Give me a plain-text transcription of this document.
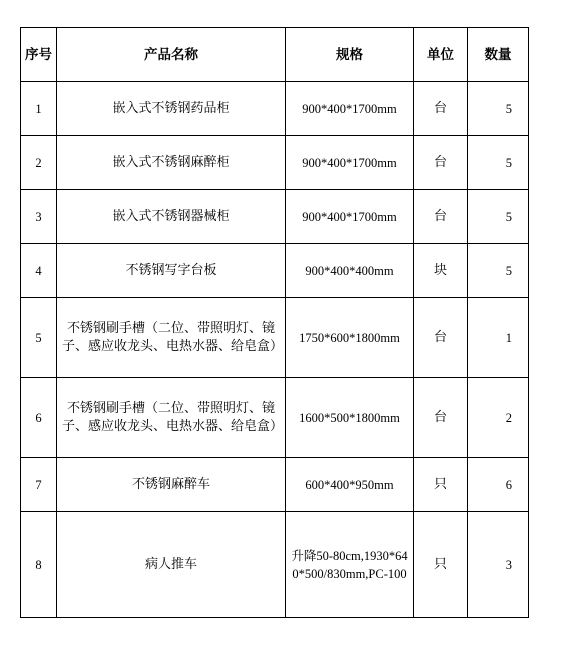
序号	产品名称	规格	单位	数量
1	嵌入式不锈钢药品柜	900*400*1700mm	台	5
2	嵌入式不锈钢麻醉柜	900*400*1700mm	台	5
3	嵌入式不锈钢器械柜	900*400*1700mm	台	5
4	不锈钢写字台板	900*400*400mm	块	5
5	不锈钢刷手槽（二位、带照明灯、镜子、感应收龙头、电热水器、给皂盒）	1750*600*1800mm	台	1
6	不锈钢刷手槽（二位、带照明灯、镜子、感应收龙头、电热水器、给皂盒）	1600*500*1800mm	台	2
7	不锈钢麻醉车	600*400*950mm	只	6
8	病人推车	升降50-80cm,1930*640*500/830mm,PC-100	只	3
